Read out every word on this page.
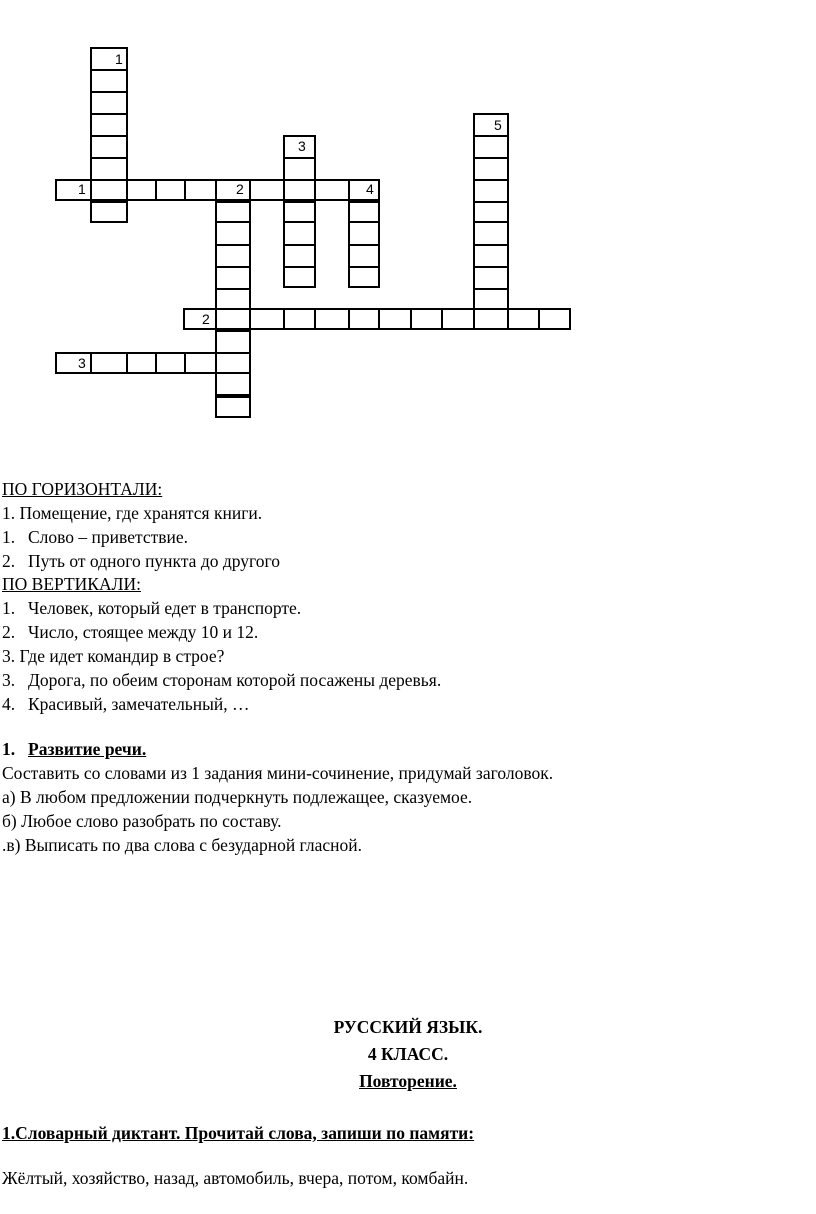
1
5
3
1	2	4
2
3
ПО ГОРИЗОНТАЛИ:
1. Помещение, где хранятся книги.
1. Слово – приветствие.
2. Путь от одного пункта до другого
ПО ВЕРТИКАЛИ:
1. Человек, который едет в транспорте.
2. Число, стоящее между 10 и 12.
3. Где идет командир в строе?
3. Дорога, по обеим сторонам которой посажены деревья.
4. Красивый, замечательный, …
1. Развитие речи.
Составить со словами из 1 задания мини-сочинение, придумай заголовок.
а) В любом предложении подчеркнуть подлежащее, сказуемое.
б) Любое слово разобрать по составу.
.в) Выписать по два слова с безударной гласной.
РУССКИЙ ЯЗЫК.
4 КЛАСС.
Повторение.
1.Словарный диктант. Прочитай слова, запиши по памяти:
Жёлтый, хозяйство, назад, автомобиль, вчера, потом, комбайн.
